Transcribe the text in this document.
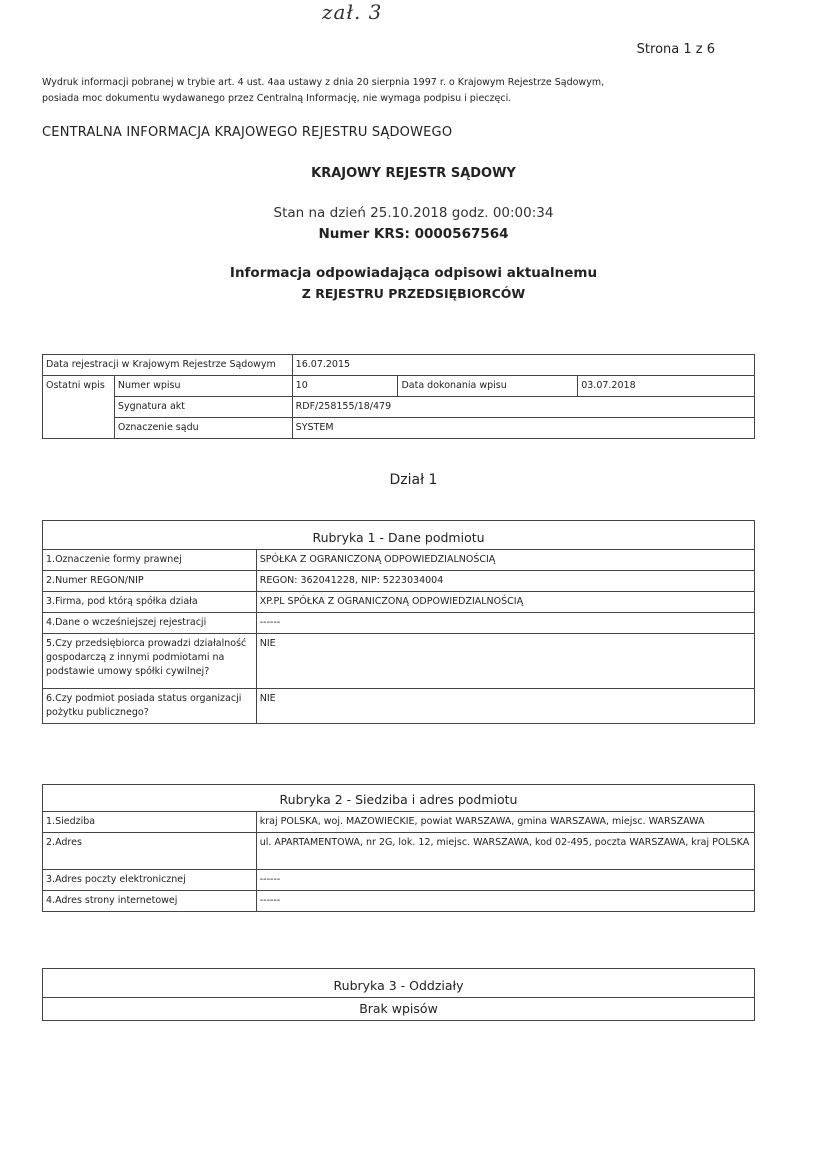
zał. 3
Strona 1 z 6
Wydruk informacji pobranej w trybie art. 4 ust. 4aa ustawy z dnia 20 sierpnia 1997 r. o Krajowym Rejestrze Sądowym,
posiada moc dokumentu wydawanego przez Centralną Informację, nie wymaga podpisu i pieczęci.
CENTRALNA INFORMACJA KRAJOWEGO REJESTRU SĄDOWEGO
KRAJOWY REJESTR SĄDOWY
Stan na dzień 25.10.2018 godz. 00:00:34
Numer KRS: 0000567564
Informacja odpowiadająca odpisowi aktualnemu
Z REJESTRU PRZEDSIĘBIORCÓW
Data rejestracji w Krajowym Rejestrze Sądowym		16.07.2015		
Ostatni wpis	Numer wpisu	10	Data dokonania wpisu	03.07.2018
	Sygnatura akt	RDF/258155/18/479		
	Oznaczenie sądu	SYSTEM		
Dział 1
Rubryka 1 - Dane podmiotu	
1.Oznaczenie formy prawnej	SPÓŁKA Z OGRANICZONĄ ODPOWIEDZIALNOŚCIĄ
2.Numer REGON/NIP	REGON: 362041228, NIP: 5223034004
3.Firma, pod którą spółka działa	XP.PL SPÓŁKA Z OGRANICZONĄ ODPOWIEDZIALNOŚCIĄ
4.Dane o wcześniejszej rejestracji	------
5.Czy przedsiębiorca prowadzi działalność gospodarczą z innymi podmiotami na podstawie umowy spółki cywilnej?	NIE
6.Czy podmiot posiada status organizacji pożytku publicznego?	NIE
Rubryka 2 - Siedziba i adres podmiotu	
1.Siedziba	kraj POLSKA, woj. MAZOWIECKIE, powiat WARSZAWA, gmina WARSZAWA, miejsc. WARSZAWA
2.Adres	ul. APARTAMENTOWA, nr 2G, lok. 12, miejsc. WARSZAWA, kod 02-495, poczta WARSZAWA, kraj POLSKA
3.Adres poczty elektronicznej	------
4.Adres strony internetowej	------
Rubryka 3 - Oddziały
Brak wpisów
